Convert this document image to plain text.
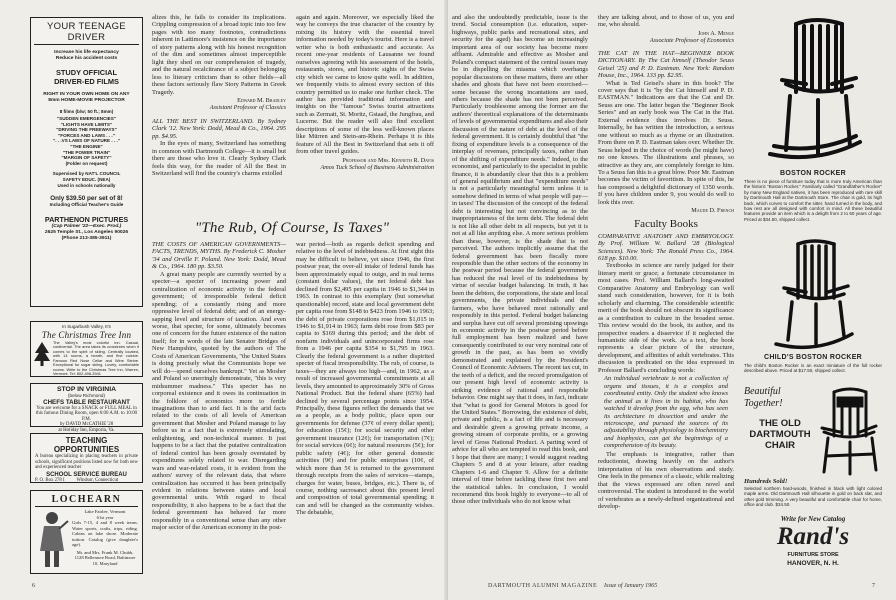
YOUR TEENAGE DRIVER
Increase his life expectancy Reduce his accident costs
STUDY OFFICIAL DRIVER-ED FILMS
RIGHT IN YOUR OWN HOME ON ANY 8mm HOME-MOVIE PROJECTOR
8 films (b/w; 50 ft.; 8mm)
"SUDDEN EMERGENCIES"
"LIGHTS HAVE LIMITS"
"DRIVING THE FREEWAYS"
"FORCES AND LAWS . . ."
". . .VS LAWS OF NATURE . . ."
"THE ENGINE"
"THE POWER TRAIN"
"MARGIN OF SAFETY"
(Folder on request)
Supervised by NAT'L COUNCIL SAFETY EDUC. (NEA)
Used in schools nationally
Only $39.50 per set of 8!
Including Official Teacher's Guide
PARTHENON PICTURES
(Cap Palmer '22—Exec. Prod.)
2625 Temple St., Los Angeles 90026
(Phone 213-385-3911)
In Sugarbush Valley, It's
The Christmas Tree Inn
The Valley's most colorful inn. Casual, continental. The area takes its crosstrees when it comes to the spirit of skiing. Centrally located, with 14 rooms, a hearth, and fine cuisine. Famous Red Nose Cellar and Wine Steine. Exceptional for sugar skiing. Lovely, comfortable rooms. Write to the Christmas Tree Inn, Warren, Vermont. Tel: 802-496-3941
STOP IN VIRGINIA
(below Richmond)
CHEFS TABLE RESTAURANT
You are welcome for a SNACK or FULL MEAL in this famous Dining Room, open 6:00 A.M. to 10:00 P.M.
by DAVID McCATHIE '28
at Holiday Inn, Emporia, Va.
TEACHING OPPORTUNITIES
A bureau specializing in placing teachers in private schools, significant positions listed now for both new and experienced teacher
SCHOOL SERVICE BUREAU
P. O. Box 278 I          Windsor, Connecticut
LOCHEARN
Lake Fairlee, Vermont
61st year
Girls 7-15, 4 and 8 week terms. Water sports, crafts, trips, riding. Cabins on lake shore. Moderate tuition. Catalog (give daughter's age).
Mr. and Mrs. Frank M. Chubb, 1128 Bellemore Road, Baltimore 10, Maryland

alizes this, he fails to consider its implications. Crippling compression of a broad topic into too few pages with too many footnotes, contradictions inherent in Lattimore's insistence on the importance of story patterns along with his honest recognition of the dim and sometimes almost imperceptible light they shed on our comprehension of tragedy, and the natural recalcitrance of a subject belonging less to literary criticism than to other fields—all these factors seriously flaw Story Patterns in Greek Tragedy.

Edward M. Bradley
Assistant Professor of Classics
ALL THE BEST IN SWITZERLAND. By Sydney Clark '12. New York: Dodd, Mead & Co., 1964. 295 pp. $4.95.

In the eyes of many, Switzerland has something in common with Dartmouth College—it is small but there are those who love it. Clearly Sydney Clark feels this way, for the reader of All the Best in Switzerland will find the country's charms extolled

again and again. Moreover, we especially liked the way he conveys the true character of the country by mixing its history with the essential travel information needed by today's tourist. Here is a travel writer who is both enthusiastic and accurate. As recent one-year residents of Lausanne we found ourselves agreeing with his assessment of the hotels, restaurants, stores, and historic sights of the Swiss city which we came to know quite well. In addition, we frequently visits to almost every section of this country permitted us to make one further check. The author has provided traditional information and insights on the "famous" Swiss tourist attractions such as Zermatt, St. Moritz, Gstaad, the Jungfrau, and Lucerne. But the reader will also find excellent descriptions of some of the less well-known places like Mürren and Stein-am-Rhein. Perhaps it is this feature of All the Best in Switzerland that sets it off from other travel guides.

Professor and Mrs. Kenneth R. Davis
Amos Tuck School of Business Administration
"The Rub, Of Course, Is Taxes"
THE COSTS OF AMERICAN GOVERNMENTS—FACTS, TRENDS, MYTHS. By Frederick C. Mosher '34 and Orville F. Poland. New York: Dodd, Mead & Co., 1964. 180 pp. $3.50.

A great many people are currently worried by a specter—a specter of increasing power and centralization of economic activity in the federal government; of irresponsible federal deficit spending; of a constantly rising and more oppressive level of federal debt; and of an energy-sapping level and structure of taxation. And even worse, that specter, for some, ultimately becomes one of concern for the future existence of the nation itself; for in words of the late Senator Bridges of New Hampshire, quoted by the authors of The Costs of American Governments, "the United States is doing precisely what the Communists hope we will do—spend ourselves bankrupt." Yet as Mosher and Poland so unerringly demonstrate, "this is very midsummer madness." This specter has no corporeal existence and it owes its continuation in the folklore of economics more to fertile imaginations than to arid fact. It is the arid facts related to the costs of all levels of American government that Mosher and Poland manage to lay before us in a fact that is extremely stimulating, enlightening, and non-technical manner. It just happens to be a fact that the putative centralization of federal control has been grossly overstated by expenditures solely related to war. Disregarding wars and war-related costs, it is evident from the authors' survey of the relevant data, that where centralization has occurred it has been principally evident in relations between states and local governmental units. With regard to fiscal responsibility, it also happens to be a fact that the federal government has behaved far more responsibly in a conventional sense than any other major sector of the American economy in the post-

war period—both as regards deficit spending and relative to the level of indebtedness. At first sight this may be difficult to believe, yet since 1946, the first postwar year, the over-all intake of federal funds has been approximately equal to outgo, and in real terms (constant dollar values), the net federal debt has declined from $2,495 per capita in 1946 to $1,344 in 1963. In contrast to this exemplary (but somewhat questionable) record, state and local government debt per capita rose from $148 to $423 from 1946 to 1963; the debt of private corporations rose from $1,015 in 1946 to $1,914 in 1963; farm debt rose from $83 per capita to $169 during this period; and the debt of nonfarm individuals and unincorporated firms rose from a 1946 per capita $354 to $1,795 in 1963. Clearly the federal government is a rather dispirited specter of fiscal irresponsibility. The rub, of course, is taxes—they are always too high—and, in 1962, as a result of increased governmental commitments at all levels, they amounted to approximately 30% of Gross National Product. But the federal share (65%) had declined by several percentage points since 1954. Principally, these figures reflect the demands that we as a people, as a body politic, place upon our governments for defense (37¢ of every dollar spent); for education (15¢); for social security and other government insurance (12¢); for transportation (7¢); for social services (6¢); for natural resources (5¢); for public safety (4¢); for other general domestic activities (9¢) and for public enterprises (10¢, of which more than 5¢ is returned to the government through receipts from the sales of services—stamps, charges for water, buses, bridges, etc.). There is, of course, nothing sacrosanct about this present level and composition of total governmental spending; it can and will be changed as the community wishes. The debatable,

6

and also the undoubtedly predictable, issue is the trend. Social consumption (i.e. education, super-highways, public parks and recreational sites, and security for the aged) has become an increasingly important area of our society has become more affluent. Admirable and effective as Mosher and Poland's compact statement of the central issues may be in dispelling the miasma which overhangs popular discussions on these matters, there are other shades and ghosts that have not been exorcised—some because the wrong incantations are used, others because the shade has not been perceived. Particularly troublesome among the former are the authors' theoretical explanations of the determinants of levels of governmental expenditures and also their discussion of the nature of debt at the level of the federal government. It is certainly doubtful that "the fixing of expenditure levels is a consequence of the interplay of revenues, principally taxes, rather than of the shifting of expenditure needs." Indeed, to the economist, and particularly to the specialist in public finance, it is abundantly clear that this is a problem of general equilibrium and that "expenditure needs" is not a particularly meaningful term unless it is somehow defined in terms of what people will pay—in taxes! The discussion of the concept of the federal debt is interesting but not convincing as to the inappropriateness of the term debt. The federal debt is not like all other debt in all respects, but yet it is not at all like anything else. A more serious problem than these, however, is the shade that is not perceived. The authors implicitly assume that the federal government has been fiscally more responsible than the other sectors of the economy in the postwar period because the federal government has reduced the real level of its indebtedness by virtue of secular budget balancing. In truth, it has been the debtors, the corporations, the state and local governments, the private individuals and the farmers, who have behaved most rationally and responsibly in this period. Federal budget balancing and surplus have cut off several promising upswings in economic activity in the postwar period before full employment has been realized and have consequently contributed to our very nominal rate of growth in the past, as has been so vividly demonstrated and explained by the President's Council of Economic Advisers. The recent tax cut, in the teeth of a deficit, and the record promulgation of our present high level of economic activity is striking evidence of rational and responsible behavior. One might say that it does, in fact, indicate that "what is good for General Motors is good for the United States." Borrowing, the existence of debt, private and public, is a fact of life and is necessary and desirable given a growing private income, a growing stream of corporate profits, or a growing level of Gross National Product. A parting word of advice for all who are tempted to read this book, and I hope that there are many; I would suggest reading Chapters 5 and 8 at your leisure, after reading Chapters 1-6 and Chapter 9. Allow for a definite interval of time before tackling these first two and the statistical tables. In conclusion, I would recommend this book highly to everyone—to all of those other individuals who do not know what

they are talking about, and to those of us, you and me, who should.

John A. Menge
Associate Professor of Economics
THE CAT IN THE HAT—BEGINNER BOOK DICTIONARY. By The Cat himself (Theodor Seuss Geisel '25) and P. D. Eastman. New York: Random House, Inc., 1964. 133 pp. $2.95.

What is Ted Geisel's share in this book? The cover says that it is "by the Cat himself and P. D. EASTMAN." Indications are that the Cat and Dr. Seuss are one. The latter began the "Beginner Book Series" and an early book was The Cat in the Hat. External evidence thus involves Dr. Seuss. Internally, he has written the introduction, a serious one without so much as a rhyme or an illustration. From there on P. D. Eastman takes over. Whether Dr. Seuss helped in the choice of words (he might have) no one knows. The illustrations and phrases, so attractive as they are, are completely foreign to him. To a Seuss fan this is a great blow. Poor Mr. Eastman becomes the victim of favoritism. In spite of this, he has composed a delightful dictionary of 1350 words. If you have children under 9, you would do well to look this over.

Maude D. French
Faculty Books
COMPARATIVE ANATOMY AND EMBRYOLOGY. By Prof. William W. Ballard '28 (Biological Sciences). New York: The Ronald Press Co., 1964. 618 pp. $10.00.

Textbooks in science are rarely judged for their literary merit or grace; a fortunate circumstance in most cases. Prof. William Ballard's long-awaited Comparative Anatomy and Embryology can well stand such consideration, however, for it is both scholarly and charming. The considerable scientific merit of the book should not obscure its significance as a contribution to culture in the broadest sense. This review would do the book, its author, and its prospective readers a disservice if it neglected the humanistic side of the work. As a text, the book represents a clear picture of the structure, development, and affinities of adult vertebrates. This discussion is predicated on the idea expressed in Professor Ballard's concluding words:

An individual vertebrate is not a collection of organs and tissues, it is a complex and coordinated entity. Only the student who knows the animal as it lives in its habitat, who has watched it develop from the egg, who has seen its architecture in dissection and under the microscope, and pursued the sources of its adjustability through physiology to biochemistry and biophysics, can get the beginnings of a comprehension of its beauty.

The emphasis is integrative, rather than reductionist, drawing heavily on the author's interpretation of his own observations and study. One feels in the presence of a classic, while realizing that the views expressed are often novel and controversial. The student is introduced to the world of vertebrates as a newly-defined organizational and develop-

BOSTON ROCKER
There is no piece of furniture today that is more truly American than the historic "Boston Rocker." Familiarly called "Grandfather's Rocker" by many New England natives, it has been reproduced with rare skill by Dartmouth Hall at the Dartmouth Store. The chair is gold, its high back, which curves to comfort the sitter, hand turned in the body, and how rest are all designed with comfort in mind. All these beautiful features provide an item which is a delight from 2 to 60 years of age. Priced at $34.50, shipped collect.
CHILD'S BOSTON ROCKER
The child's Boston Rocker is an exact miniature of the full rocker described above. Priced at $17.50, shipped collect.
Beautiful Together!
THE OLD DARTMOUTH CHAIR
Hundreds Sold!
Selected northern hard-woods, finished in black with light colored maple arms. Old Dartmouth Hall silhouette in gold on back slat, and other gold trimming. A very beautiful and comfortable chair for home, office and club. $34.50.
Write for New Catalog
Rand's
FURNITURE STORE
HANOVER, N. H.
DARTMOUTH ALUMNI MAGAZINE Issue of January 1965	7
